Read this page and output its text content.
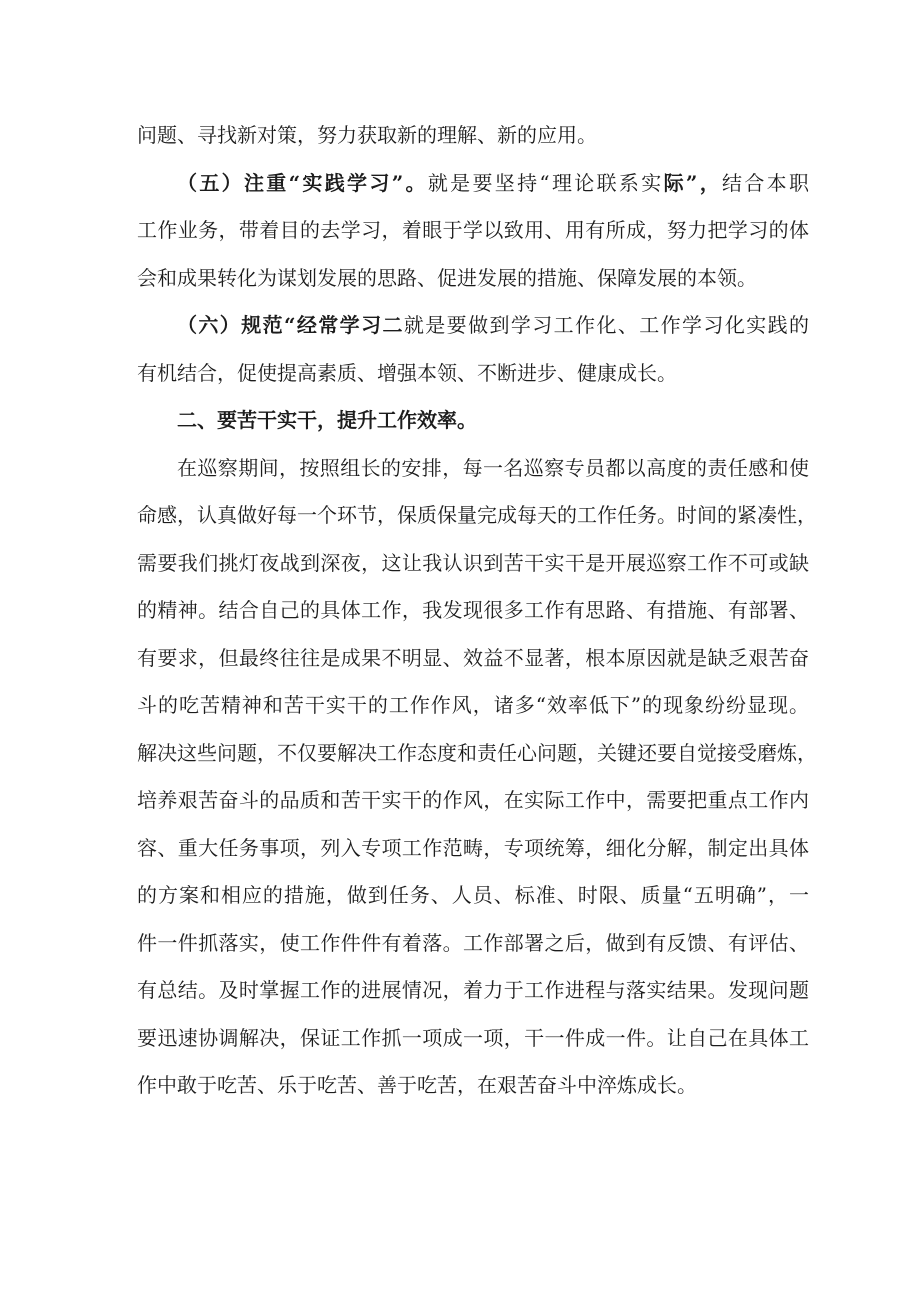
问题、寻找新对策，努力获取新的理解、新的应用。
（五）注重“实践学习”。就是要坚持“理论联系实际”，结合本职
工作业务，带着目的去学习，着眼于学以致用、用有所成，努力把学习的体
会和成果转化为谋划发展的思路、促进发展的措施、保障发展的本领。
（六）规范“经常学习二就是要做到学习工作化、工作学习化实践的
有机结合，促使提高素质、增强本领、不断进步、健康成长。
二、要苦干实干，提升工作效率。
在巡察期间，按照组长的安排，每一名巡察专员都以高度的责任感和使
命感，认真做好每一个环节，保质保量完成每天的工作任务。时间的紧凑性，
需要我们挑灯夜战到深夜，这让我认识到苦干实干是开展巡察工作不可或缺
的精神。结合自己的具体工作，我发现很多工作有思路、有措施、有部署、
有要求，但最终往往是成果不明显、效益不显著，根本原因就是缺乏艰苦奋
斗的吃苦精神和苦干实干的工作作风，诸多“效率低下”的现象纷纷显现。
解决这些问题，不仅要解决工作态度和责任心问题，关键还要自觉接受磨炼，
培养艰苦奋斗的品质和苦干实干的作风，在实际工作中，需要把重点工作内
容、重大任务事项，列入专项工作范畴，专项统筹，细化分解，制定出具体
的方案和相应的措施，做到任务、人员、标准、时限、质量“五明确”，一
件一件抓落实，使工作件件有着落。工作部署之后，做到有反馈、有评估、
有总结。及时掌握工作的进展情况，着力于工作进程与落实结果。发现问题
要迅速协调解决，保证工作抓一项成一项，干一件成一件。让自己在具体工
作中敢于吃苦、乐于吃苦、善于吃苦，在艰苦奋斗中淬炼成长。
